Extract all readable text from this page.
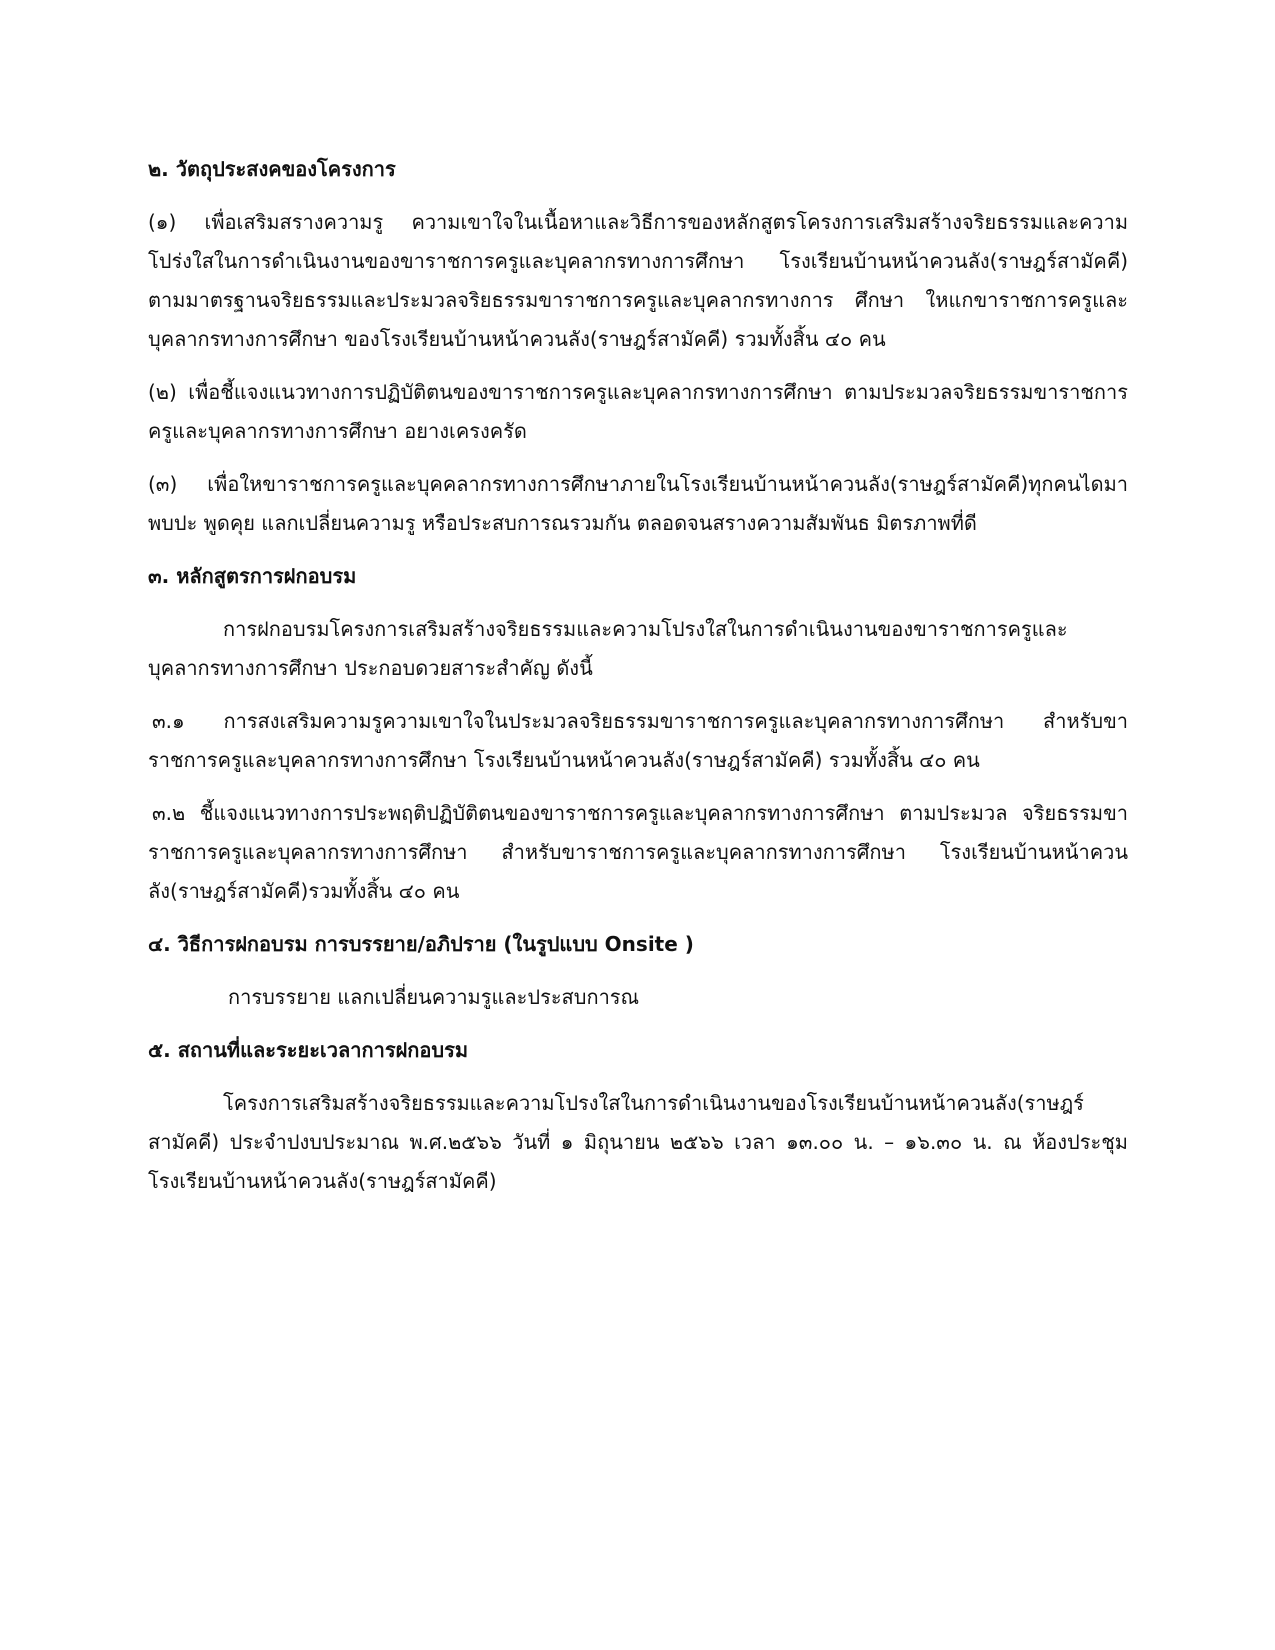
๒. วัตถุประสงคของโครงการ
(๑) เพื่อเสริมสรางความรู ความเขาใจในเนื้อหาและวิธีการของหลักสูตรโครงการเสริมสร้างจริยธรรมและความโปร่งใสในการดำเนินงานของขาราชการครูและบุคลากรทางการศึกษา โรงเรียนบ้านหน้าควนลัง(ราษฎร์สามัคคี) ตามมาตรฐานจริยธรรมและประมวลจริยธรรมขาราชการครูและบุคลากรทางการ ศึกษา ใหแกขาราชการครูและบุคลากรทางการศึกษา ของโรงเรียนบ้านหน้าควนลัง(ราษฎร์สามัคคี) รวมทั้งสิ้น ๔๐ คน
(๒) เพื่อชี้แจงแนวทางการปฏิบัติตนของขาราชการครูและบุคลากรทางการศึกษา ตามประมวลจริยธรรมขาราชการครูและบุคลากรทางการศึกษา อยางเครงครัด
(๓) เพื่อใหขาราชการครูและบุคคลากรทางการศึกษาภายในโรงเรียนบ้านหน้าควนลัง(ราษฎร์สามัคคี)ทุกคนไดมาพบปะ พูดคุย แลกเปลี่ยนความรู หรือประสบการณรวมกัน ตลอดจนสรางความสัมพันธ มิตรภาพที่ดี
๓. หลักสูตรการฝกอบรม
การฝกอบรมโครงการเสริมสร้างจริยธรรมและความโปรงใสในการดำเนินงานของขาราชการครูและบุคลากรทางการศึกษา ประกอบดวยสาระสำคัญ ดังนี้
๓.๑ การสงเสริมความรูความเขาใจในประมวลจริยธรรมขาราชการครูและบุคลากรทางการศึกษา สำหรับขาราชการครูและบุคลากรทางการศึกษา โรงเรียนบ้านหน้าควนลัง(ราษฎร์สามัคคี) รวมทั้งสิ้น ๔๐ คน
๓.๒ ชี้แจงแนวทางการประพฤติปฏิบัติตนของขาราชการครูและบุคลากรทางการศึกษา ตามประมวล จริยธรรมขาราชการครูและบุคลากรทางการศึกษา สำหรับขาราชการครูและบุคลากรทางการศึกษา โรงเรียนบ้านหน้าควนลัง(ราษฎร์สามัคคี)รวมทั้งสิ้น ๔๐ คน
๔. วิธีการฝกอบรม การบรรยาย/อภิปราย (ในรูปแบบ Onsite )
การบรรยาย แลกเปลี่ยนความรูและประสบการณ
๕. สถานที่และระยะเวลาการฝกอบรม
โครงการเสริมสร้างจริยธรรมและความโปรงใสในการดำเนินงานของโรงเรียนบ้านหน้าควนลัง(ราษฎร์สามัคคี) ประจำปงบประมาณ พ.ศ.๒๕๖๖ วันที่ ๑ มิถุนายน ๒๕๖๖ เวลา ๑๓.๐๐ น. – ๑๖.๓๐ น. ณ ห้องประชุมโรงเรียนบ้านหน้าควนลัง(ราษฎร์สามัคคี)
